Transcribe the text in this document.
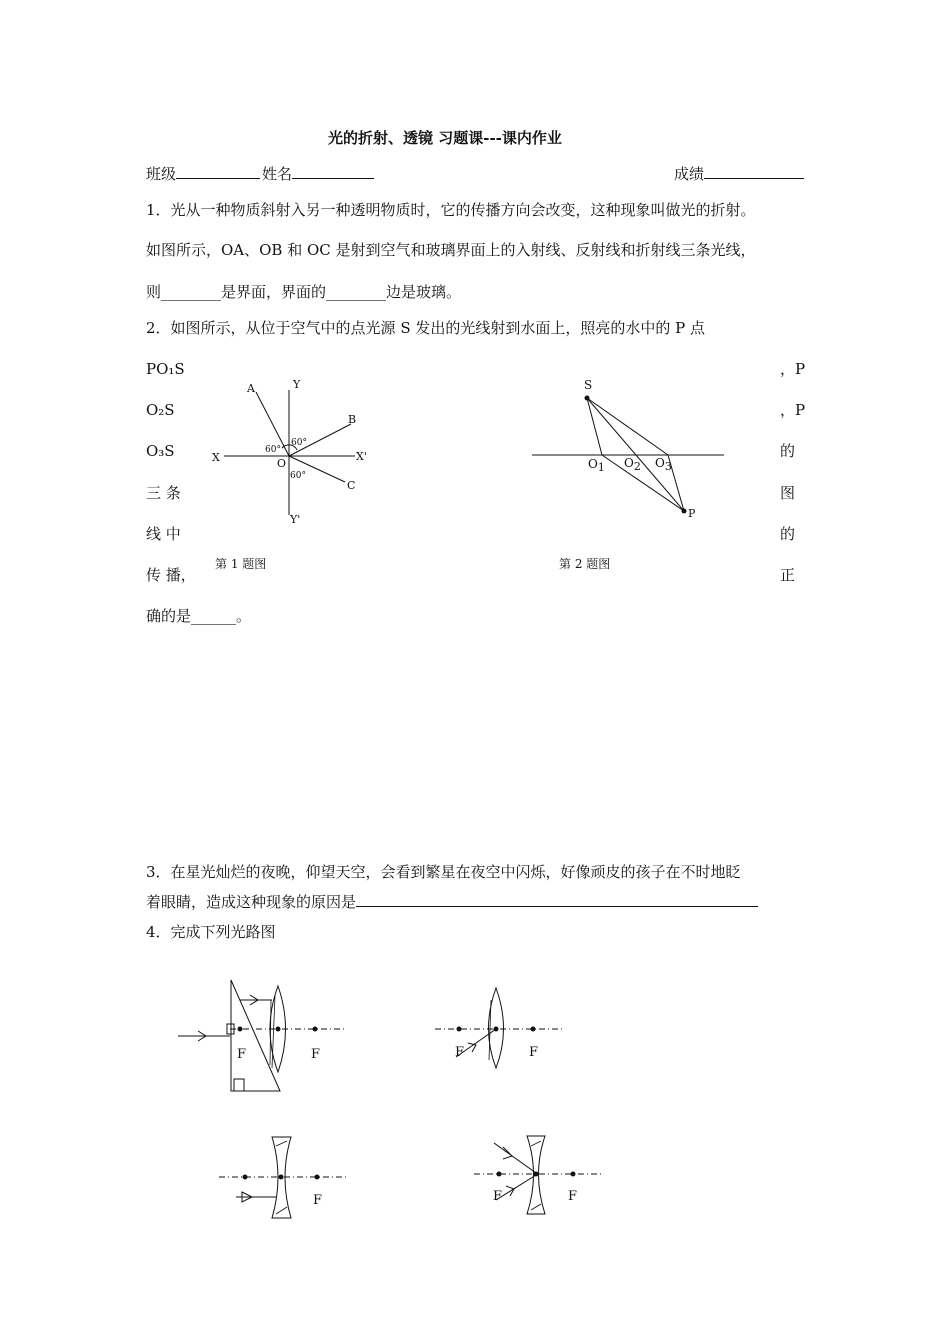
光的折射、透镜 习题课---课内作业
班级	姓名	成绩
1．光从一种物质斜射入另一种透明物质时，它的传播方向会改变，这种现象叫做光的折射。
如图所示，OA、OB 和 OC 是射到空气和玻璃界面上的入射线、反射线和折射线三条光线，
则________是界面，界面的________边是玻璃。
2．如图所示，从位于空气中的点光源 S 发出的光线射到水面上，照亮的水中的 P 点
PO₁S
O₂S
O₃S
三 条
线 中
传 播，
，P
，P
的
图
的
正
确的是______。
A	Y
B
X	O
X'
C
Y'
60°
60°
60°
第 1 题图
S
O1 O2 O3
P
第 2 题图
3．在星光灿烂的夜晚，仰望天空，会看到繁星在夜空中闪烁，好像顽皮的孩子在不时地眨
着眼睛，造成这种现象的原因是
4．完成下列光路图
F	F	F	F
F	F	F
